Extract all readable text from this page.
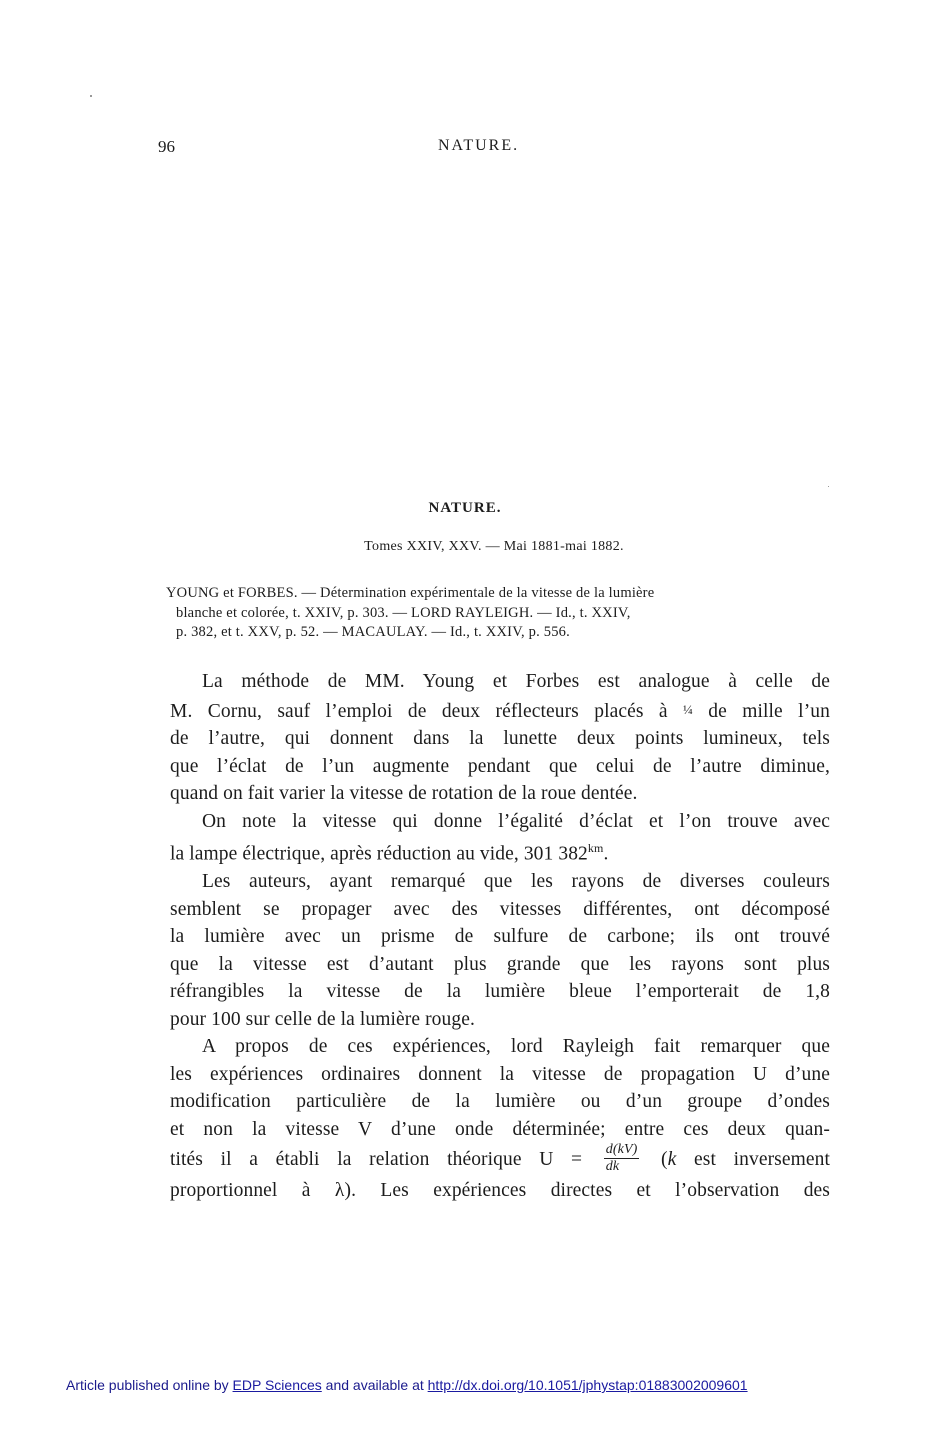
96	NATURE.
NATURE.
Tomes XXIV, XXV. — Mai 1881-mai 1882.
YOUNG et FORBES. — Détermination expérimentale de la vitesse de la lumière
blanche et colorée, t. XXIV, p. 303. — LORD RAYLEIGH. — Id., t. XXIV,
p. 382, et t. XXV, p. 52. — MACAULAY. — Id., t. XXIV, p. 556.

La méthode de MM. Young et Forbes est analogue à celle de
M. Cornu, sauf l’emploi de deux réflecteurs placés à ¼ de mille l’un
de l’autre, qui donnent dans la lunette deux points lumineux, tels
que l’éclat de l’un augmente pendant que celui de l’autre diminue,
quand on fait varier la vitesse de rotation de la roue dentée.

On note la vitesse qui donne l’égalité d’éclat et l’on trouve avec
la lampe électrique, après réduction au vide, 301 $382^{km}$.

Les auteurs, ayant remarqué que les rayons de diverses couleurs
semblent se propager avec des vitesses différentes, ont décomposé
la lumière avec un prisme de sulfure de carbone; ils ont trouvé
que la vitesse est d’autant plus grande que les rayons sont plus
réfrangibles la vitesse de la lumière bleue l’emporterait de 1,8
pour 100 sur celle de la lumière rouge.

A propos de ces expériences, lord Rayleigh fait remarquer que
les expériences ordinaires donnent la vitesse de propagation U d’une
modification particulière de la lumière ou d’un groupe d’ondes
et non la vitesse V d’une onde déterminée; entre ces deux quan-
tités il a établi la relation théorique $U = \frac{d(kV)}{dk} (k$ est inversement
proportionnel à λ). Les expériences directes et l’observation des

Article published online by EDP Sciences and available at http://dx.doi.org/10.1051/jphystap:01883002009601
